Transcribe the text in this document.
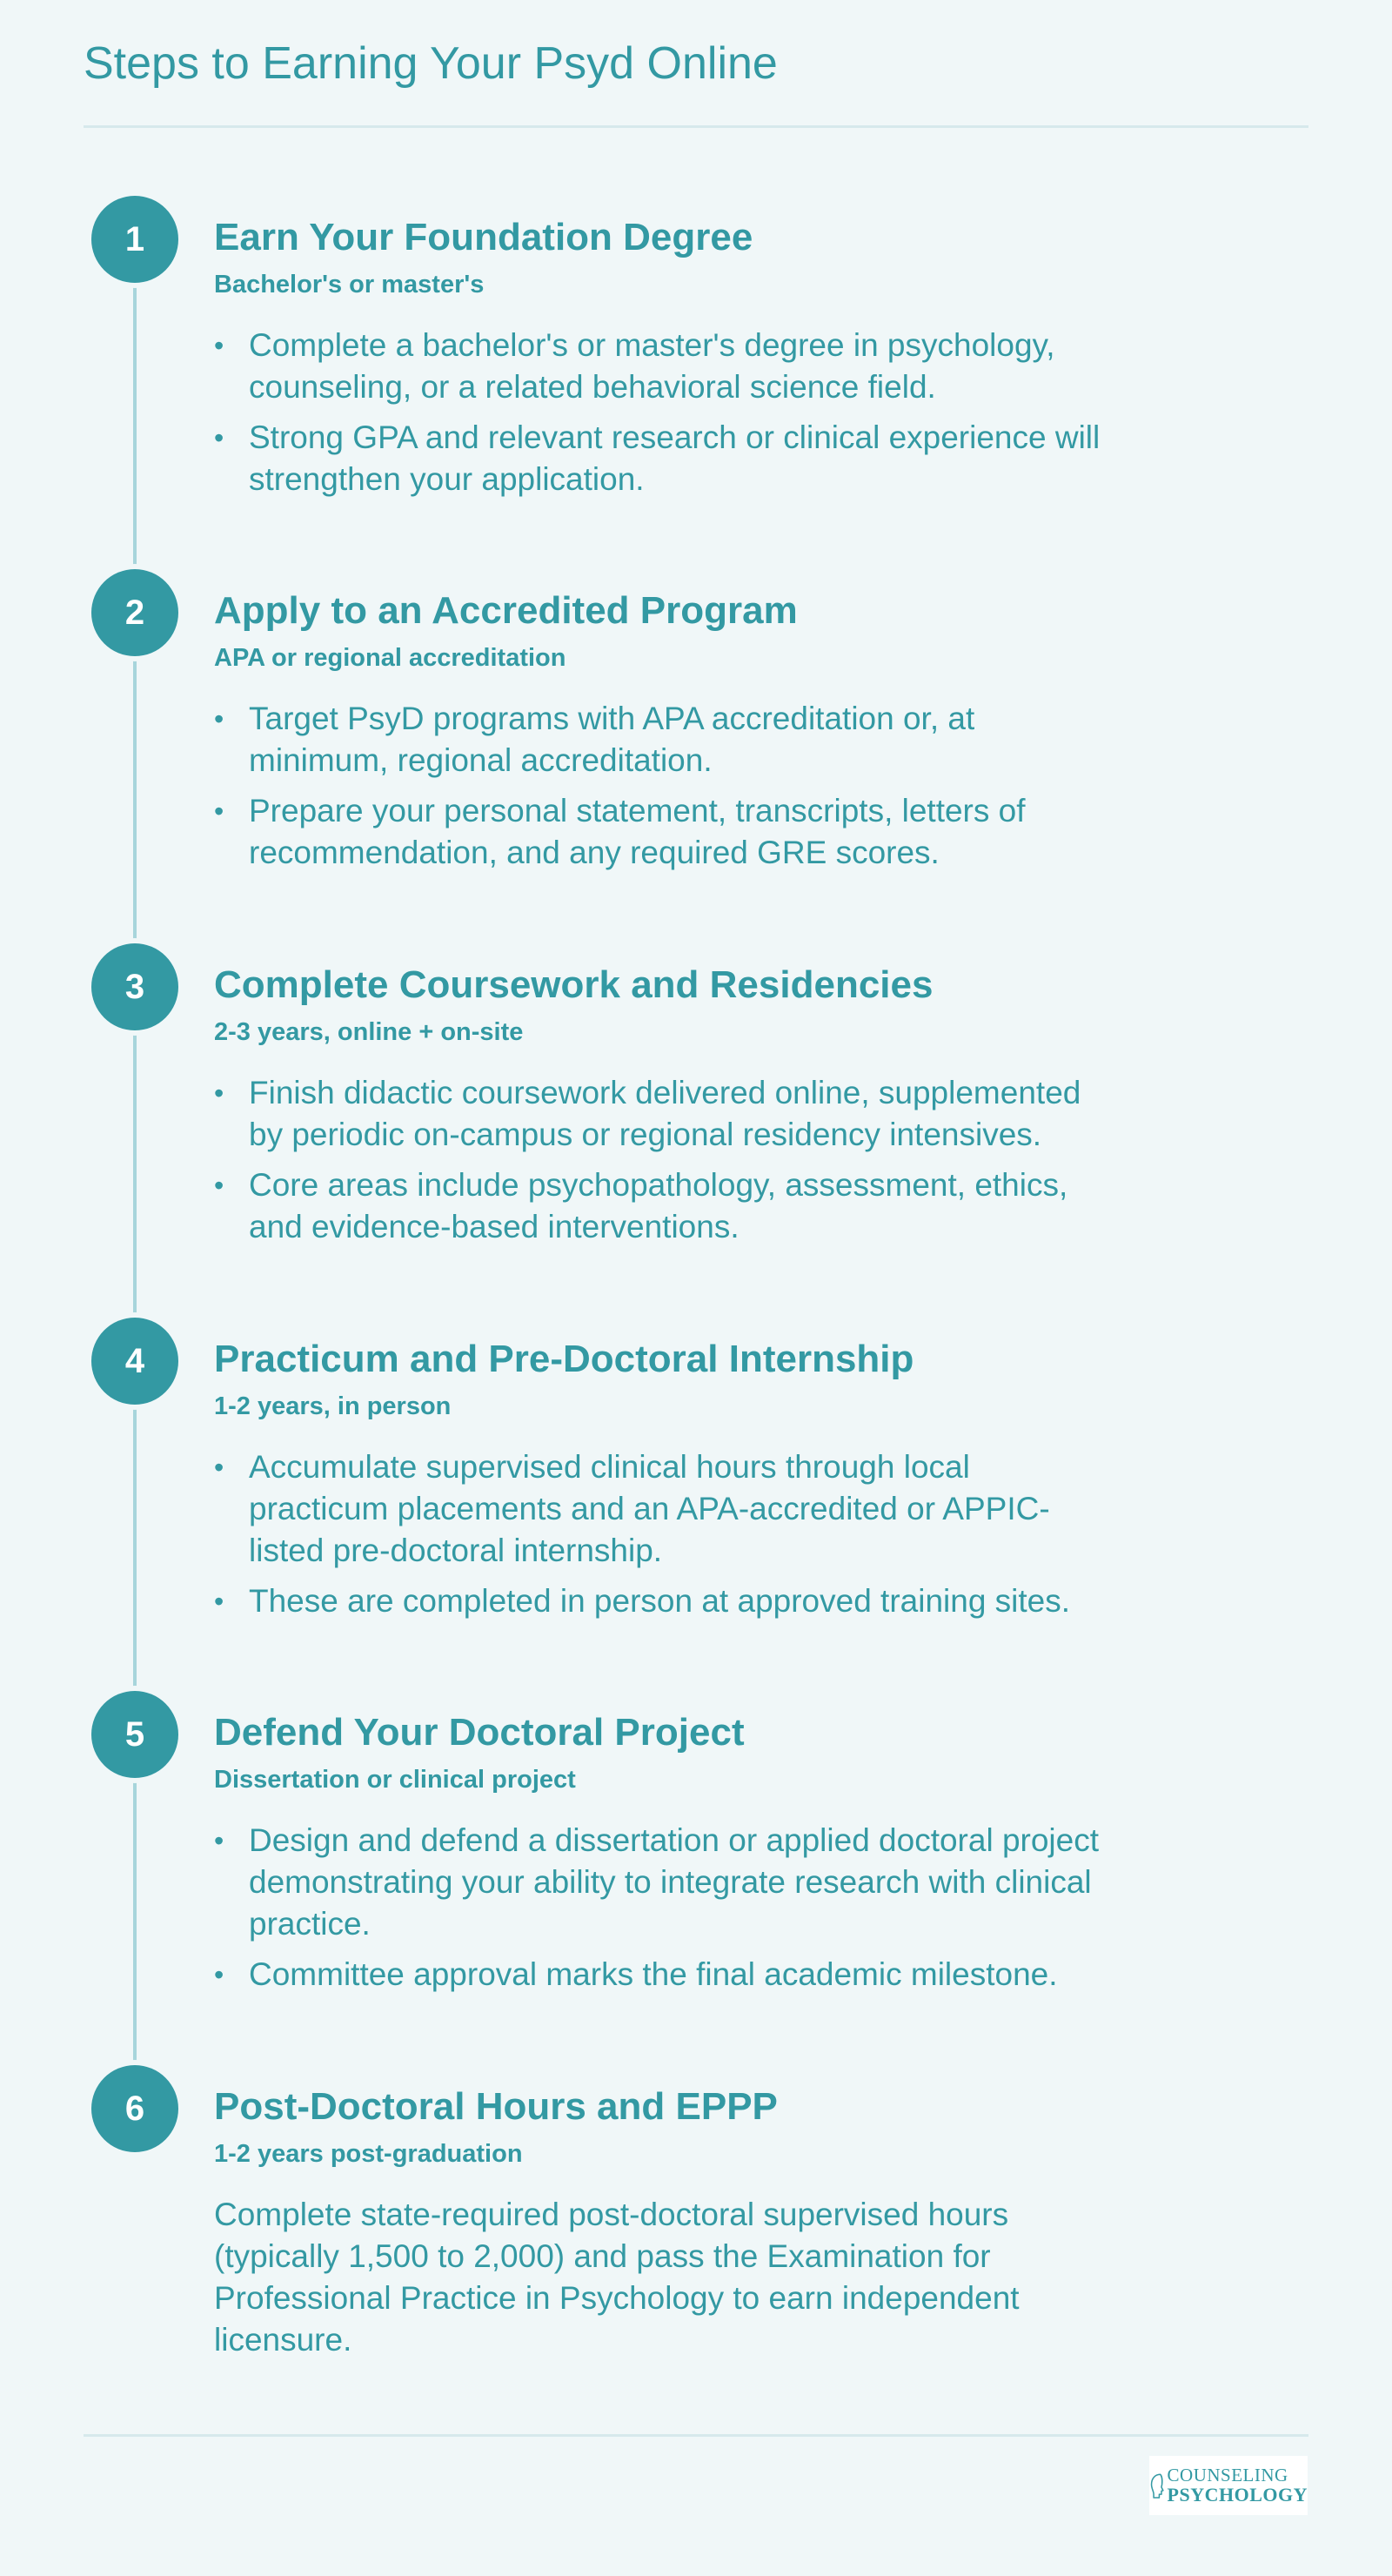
Steps to Earning Your Psyd Online
1	Earn Your Foundation Degree

Bachelor's or master's

• Complete a bachelor's or master's degree in psychology, counseling, or a related behavioral science field.
• Strong GPA and relevant research or clinical experience will strengthen your application.
2	Apply to an Accredited Program

APA or regional accreditation

• Target PsyD programs with APA accreditation or, at minimum, regional accreditation.
• Prepare your personal statement, transcripts, letters of recommendation, and any required GRE scores.
3	Complete Coursework and Residencies

2-3 years, online + on-site

• Finish didactic coursework delivered online, supplemented by periodic on-campus or regional residency intensives.
• Core areas include psychopathology, assessment, ethics, and evidence-based interventions.
4	Practicum and Pre-Doctoral Internship

1-2 years, in person

• Accumulate supervised clinical hours through local practicum placements and an APA-accredited or APPIC-listed pre-doctoral internship.
• These are completed in person at approved training sites.
5	Defend Your Doctoral Project

Dissertation or clinical project

• Design and defend a dissertation or applied doctoral project demonstrating your ability to integrate research with clinical practice.
• Committee approval marks the final academic milestone.
6	Post-Doctoral Hours and EPPP

1-2 years post-graduation

Complete state-required post-doctoral supervised hours (typically 1,500 to 2,000) and pass the Examination for Professional Practice in Psychology to earn independent licensure.

COUNSELING
PSYCHOLOGY
